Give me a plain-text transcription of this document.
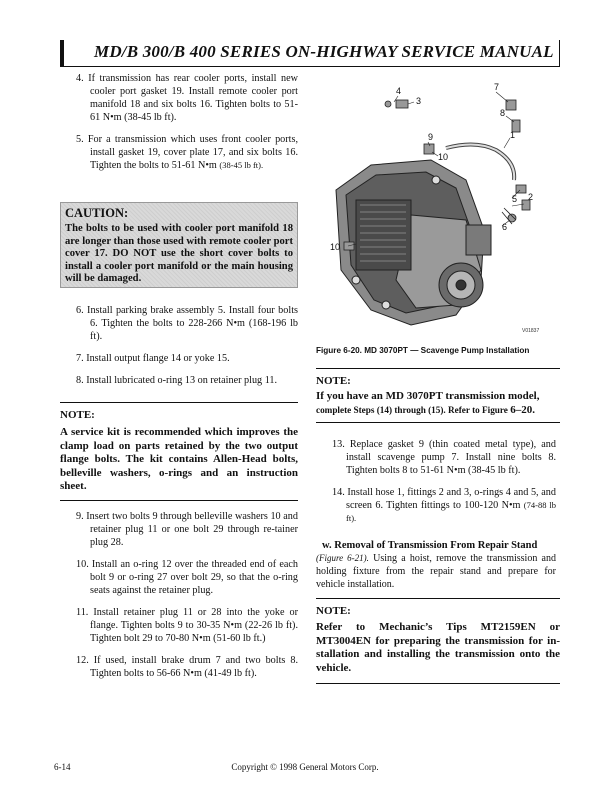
MD/B 300/B 400 SERIES ON-HIGHWAY SERVICE MANUAL

4. If transmission has rear cooler ports, install new cooler port gasket 19. Install remote cooler port manifold 18 and six bolts 16. Tighten bolts to 51-61 N•m (38-45 lb ft).

5. For a transmission which uses front cooler ports, install gasket 19, cover plate 17, and six bolts 16. Tighten the bolts to 51-61 N•m (38-45 lb ft).

CAUTION:
The bolts to be used with cooler port manifold 18 are longer than those used with remote cooler port cover 17. DO NOT use the short cover bolts to install a cooler port manifold or the main housing will be damaged.

6. Install parking brake assembly 5. Install four bolts 6. Tighten the bolts to 228-266 N•m (168-196 lb ft).

7. Install output flange 14 or yoke 15.

8. Install lubricated o-ring 13 on retainer plug 11.

NOTE:
A service kit is recommended which improves the clamp load on parts retained by the two output flange bolts. The kit contains Allen-Head bolts, belleville washers, o-rings and an instruction sheet.

9. Insert two bolts 9 through belleville washers 10 and retainer plug 11 or one bolt 29 through re-tainer plug 28.

10. Install an o-ring 12 over the threaded end of each bolt 9 or o-ring 27 over bolt 29, so that the o-ring seats against the retainer plug.

11. Install retainer plug 11 or 28 into the yoke or flange. Tighten bolts 9 to 30-35 N•m (22-26 lb ft). Tighten bolt 29 to 70-80 N•m (51-60 lb ft.)

12. If used, install brake drum 7 and two bolts 8. Tighten bolts to 56-66 N•m (41-49 lb ft).

7
4
3
8
1
9
10
2
5
10
6
V01837
Figure 6-20. MD 3070PT — Scavenge Pump Installation
NOTE:
If you have an MD 3070PT transmission model,
complete Steps (14) through (15). Refer to Figure 6–20.

13. Replace gasket 9 (thin coated metal type), and install scavenge pump 7. Install nine bolts 8. Tighten bolts 8 to 51-61 N•m (38-45 lb ft).

14. Install hose 1, fittings 2 and 3, o-rings 4 and 5, and screen 6. Tighten fittings to 100-120 N•m (74-88 lb ft).

w. Removal of Transmission From Repair Stand

(Figure 6-21). Using a hoist, remove the transmission and holding fixture from the repair stand and prepare for vehicle installation.

NOTE:
Refer to Mechanic’s Tips MT2159EN or MT3004EN for preparing the transmission for in-stallation and installing the transmission onto the vehicle.
6-14	Copyright © 1998 General Motors Corp.
